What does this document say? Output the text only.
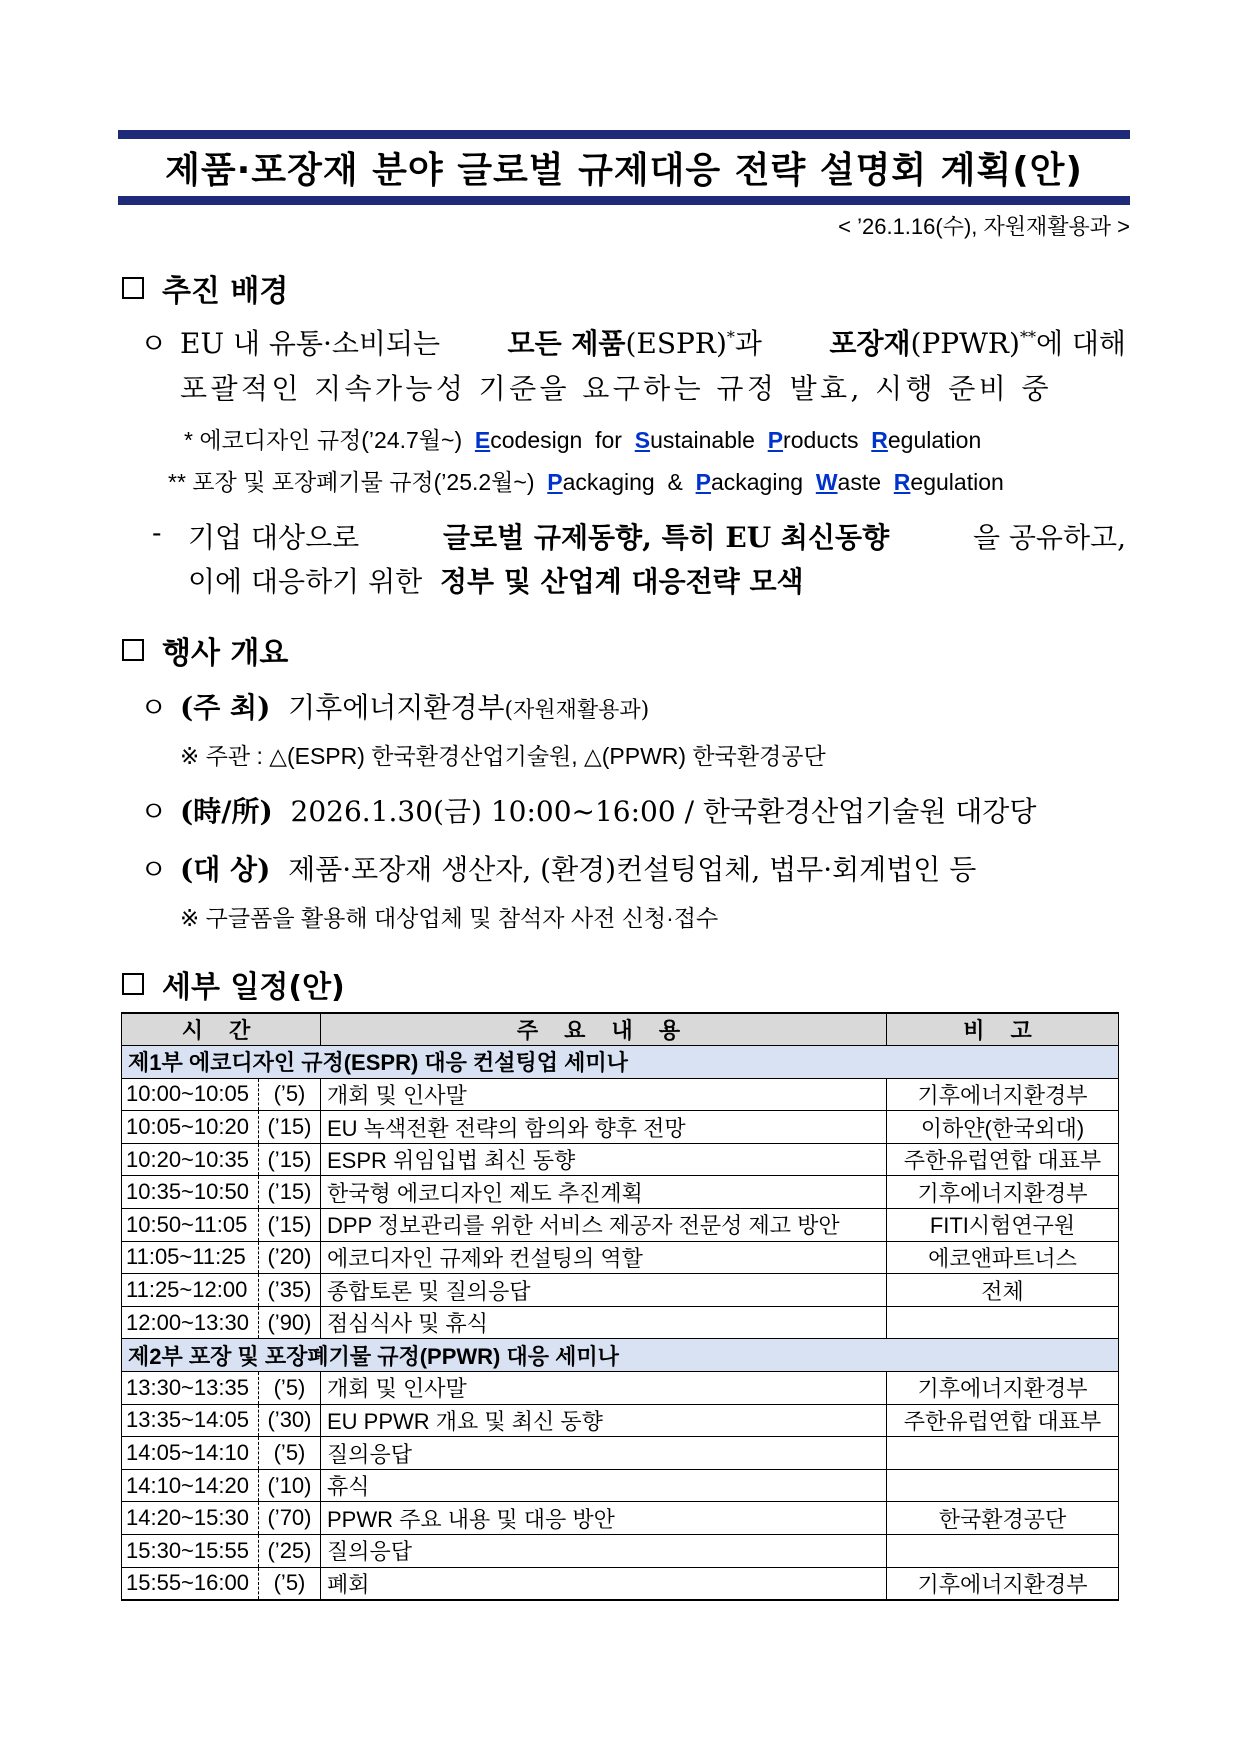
제품·포장재 분야 글로벌 규제대응 전략 설명회 계획(안)
< ’26.1.16(수), 자원재활용과 >
추진 배경
ㅇ EU 내 유통·소비되는 모든 제품(ESPR)*과 포장재(PPWR)**에 대해
포괄적인 지속가능성 기준을 요구하는 규정 발효, 시행 준비 중
* 에코디자인 규정(’24.7월~) Ecodesign for Sustainable Products Regulation
** 포장 및 포장폐기물 규정(’25.2월~) Packaging & Packaging Waste Regulation
- 기업 대상으로	글로벌 규제동향, 특히 EU 최신동향	을 공유하고,
이에 대응하기 위한 정부 및 산업계 대응전략 모색
행사 개요
ㅇ (주 최) 기후에너지환경부(자원재활용과)
※ 주관 : △(ESPR) 한국환경산업기술원, △(PPWR) 한국환경공단
ㅇ (時/所) 2026.1.30(금) 10:00~16:00 / 한국환경산업기술원 대강당
ㅇ (대 상) 제품·포장재 생산자, (환경)컨설팅업체, 법무·회계법인 등
※ 구글폼을 활용해 대상업체 및 참석자 사전 신청·접수
세부 일정(안)
시 간		주 요 내 용	비 고
제1부 에코디자인 규정(ESPR) 대응 컨설팅업 세미나			
10:00~10:05	(’5)	개회 및 인사말	기후에너지환경부
10:05~10:20	(’15)	EU 녹색전환 전략의 함의와 향후 전망	이하얀(한국외대)
10:20~10:35	(’15)	ESPR 위임입법 최신 동향	주한유럽연합 대표부
10:35~10:50	(’15)	한국형 에코디자인 제도 추진계획	기후에너지환경부
10:50~11:05	(’15)	DPP 정보관리를 위한 서비스 제공자 전문성 제고 방안	FITI시험연구원
11:05~11:25	(’20)	에코디자인 규제와 컨설팅의 역할	에코앤파트너스
11:25~12:00	(’35)	종합토론 및 질의응답	전체
12:00~13:30	(’90)	점심식사 및 휴식	
제2부 포장 및 포장폐기물 규정(PPWR) 대응 세미나			
13:30~13:35	(’5)	개회 및 인사말	기후에너지환경부
13:35~14:05	(’30)	EU PPWR 개요 및 최신 동향	주한유럽연합 대표부
14:05~14:10	(’5)	질의응답	
14:10~14:20	(’10)	휴식	
14:20~15:30	(’70)	PPWR 주요 내용 및 대응 방안	한국환경공단
15:30~15:55	(’25)	질의응답	
15:55~16:00	(’5)	폐회	기후에너지환경부
